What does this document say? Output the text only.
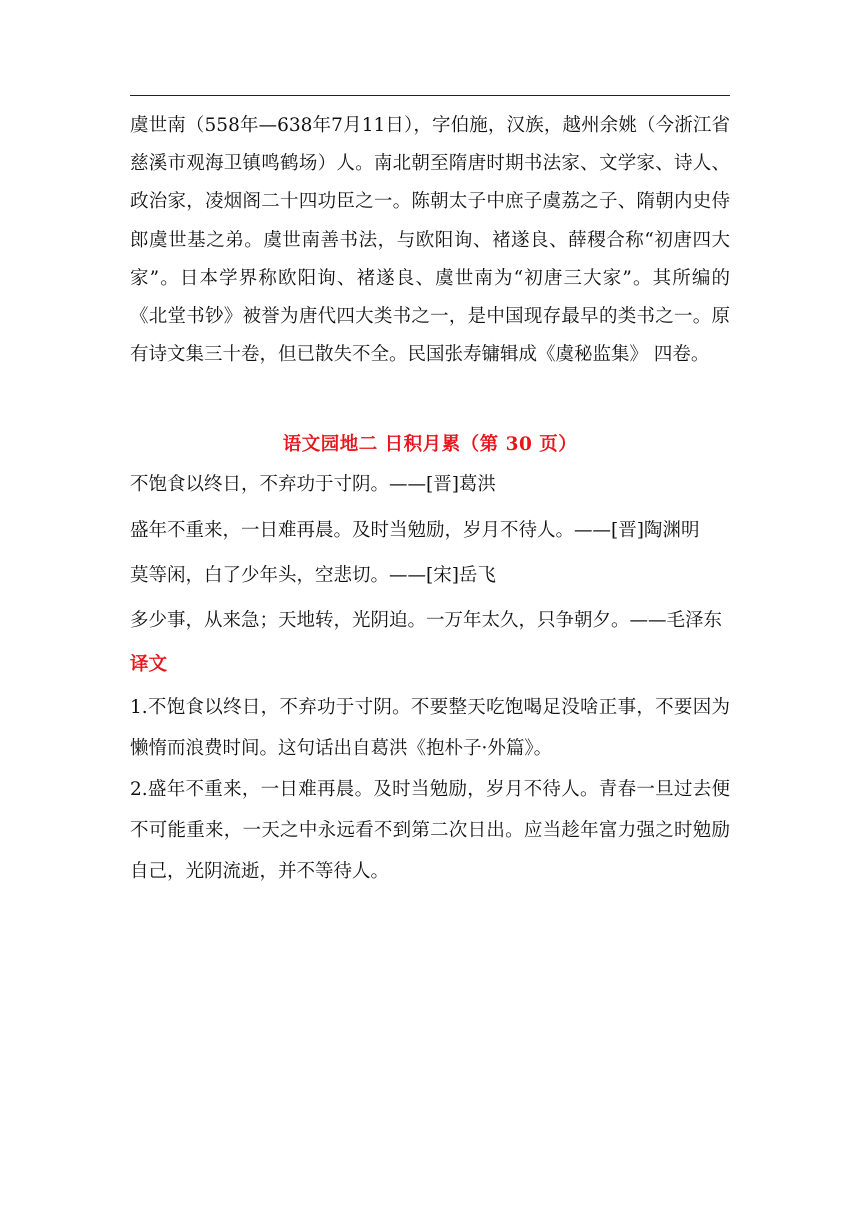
虞世南（558年—638年7月11日），字伯施，汉族，越州余姚（今浙江省慈溪市观海卫镇鸣鹤场）人。南北朝至隋唐时期书法家、文学家、诗人、政治家，凌烟阁二十四功臣之一。陈朝太子中庶子虞荔之子、隋朝内史侍郎虞世基之弟。虞世南善书法，与欧阳询、褚遂良、薛稷合称“初唐四大家”。日本学界称欧阳询、褚遂良、虞世南为“初唐三大家”。其所编的《北堂书钞》被誉为唐代四大类书之一，是中国现存最早的类书之一。原有诗文集三十卷，但已散失不全。民国张寿镛辑成《虞秘监集》 四卷。

语文园地二 日积月累（第 30 页）

不饱食以终日，不弃功于寸阴。——[晋]葛洪

盛年不重来，一日难再晨。及时当勉励，岁月不待人。——[晋]陶渊明

莫等闲，白了少年头，空悲切。——[宋]岳飞

多少事，从来急；天地转，光阴迫。一万年太久，只争朝夕。——毛泽东

译文

1.不饱食以终日，不弃功于寸阴。不要整天吃饱喝足没啥正事，不要因为懒惰而浪费时间。这句话出自葛洪《抱朴子·外篇》。

2.盛年不重来，一日难再晨。及时当勉励，岁月不待人。青春一旦过去便不可能重来，一天之中永远看不到第二次日出。应当趁年富力强之时勉励自己，光阴流逝，并不等待人。
